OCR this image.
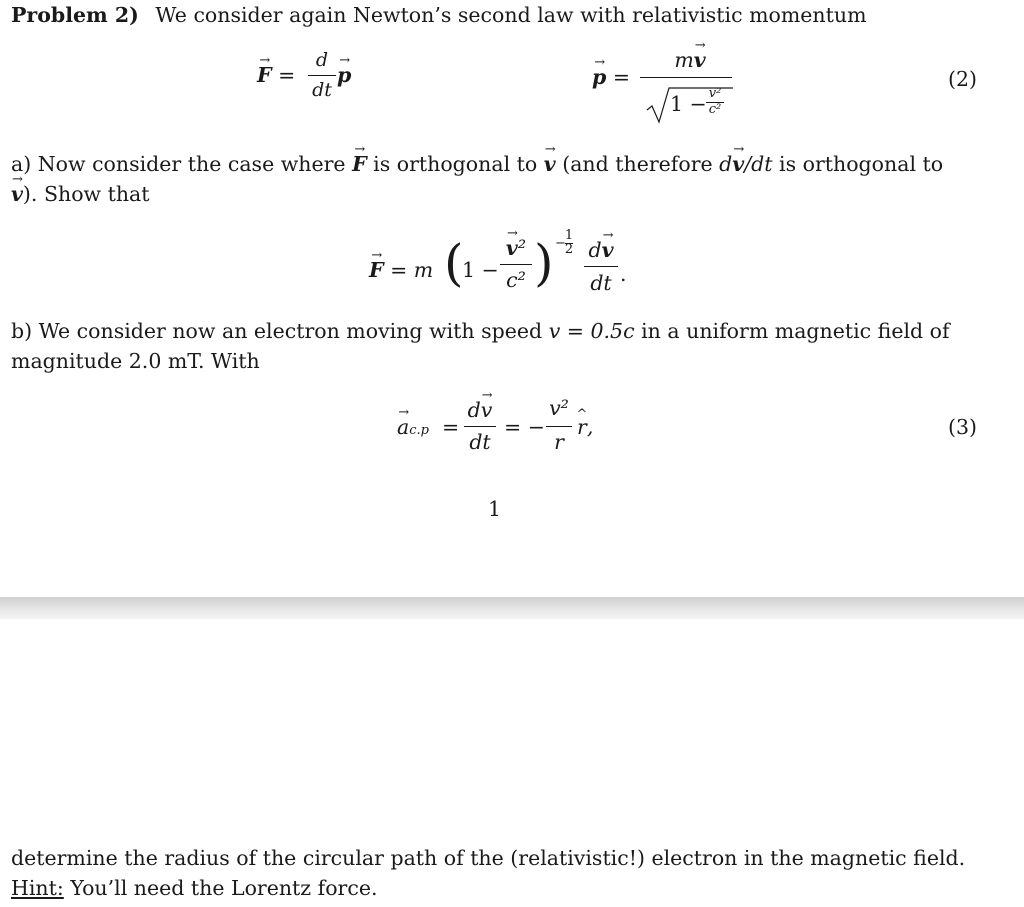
Problem 2) We consider again Newton’s second law with relativistic momentum
→ F =
d
dt
→ p	→ p =
m→ v
1 − v²
c²
(2)
a) Now consider the case where → F is orthogonal to → v (and therefore d→ v/dt is orthogonal to
→ v). Show that
→ F = m (
1 −
→ v²
c² ) −
1
2 d→ v
dt .
b) We consider now an electron moving with speed v = 0.5c in a uniform magnetic field of
magnitude 2.0 mT. With
→ ac.p =
d→ v
dt
= −
v²
r
^ r,	(3)
1
determine the radius of the circular path of the (relativistic!) electron in the magnetic field.
Hint: You’ll need the Lorentz force.
